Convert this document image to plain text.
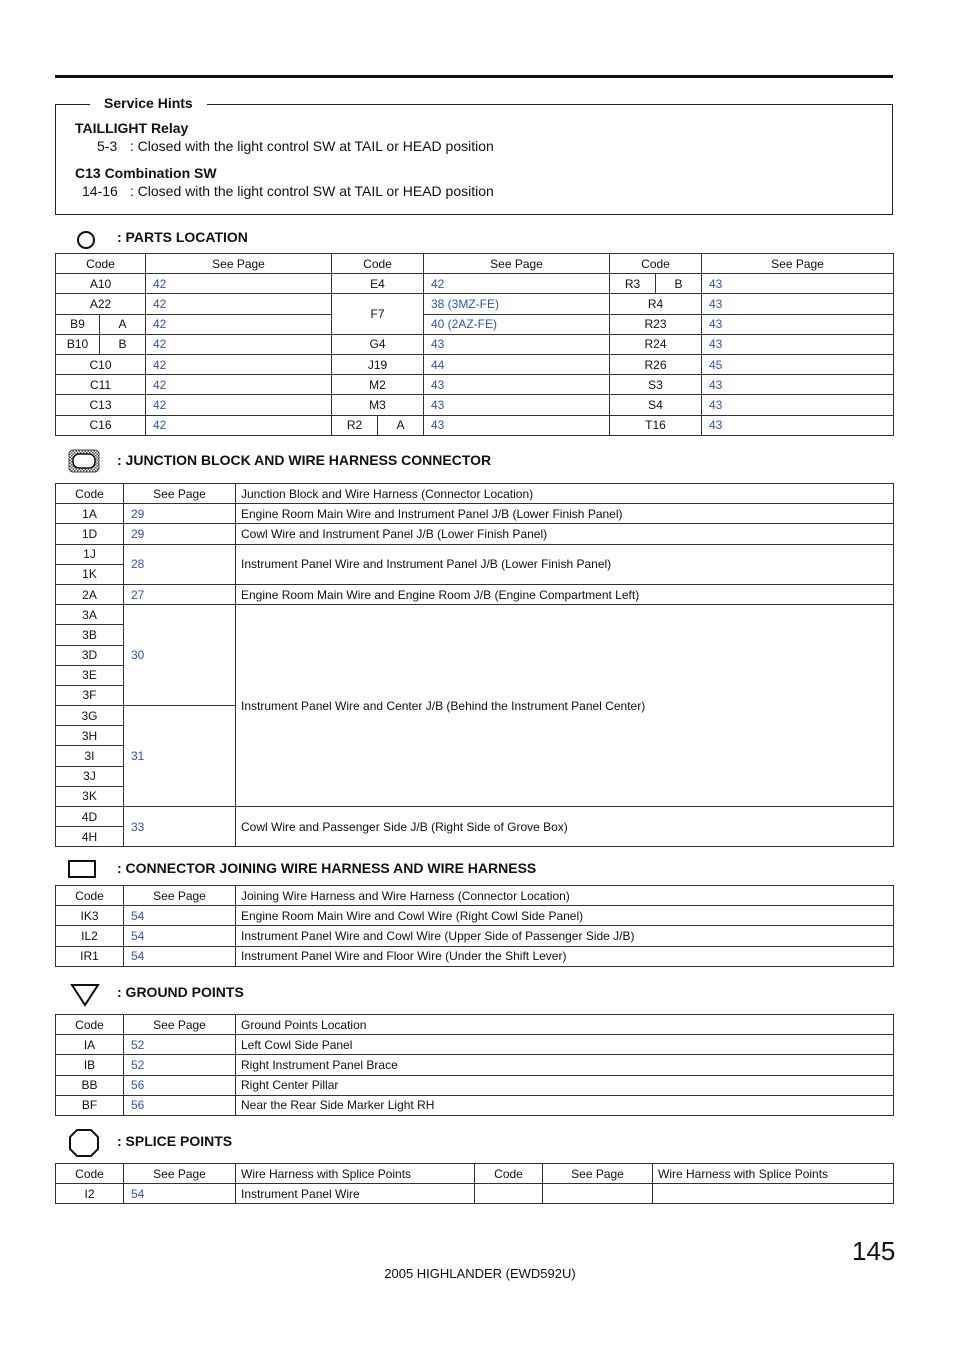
Service Hints
TAILLIGHT Relay
5-3 : Closed with the light control SW at TAIL or HEAD position
C13 Combination SW
14-16 : Closed with the light control SW at TAIL or HEAD position
: PARTS LOCATION
Code		See Page	Code		See Page	Code		See Page
A10		42	E4		42	R3	B	43
A22		42	F7		38 (3MZ-FE)	R4		43
B9	A	42			40 (2AZ-FE)	R23		43
B10	B	42	G4		43	R24		43
C10		42	J19		44	R26		45
C11		42	M2		43	S3		43
C13		42	M3		43	S4		43
C16		42	R2	A	43	T16		43
: JUNCTION BLOCK AND WIRE HARNESS CONNECTOR
Code	See Page	Junction Block and Wire Harness (Connector Location)
1A	29	Engine Room Main Wire and Instrument Panel J/B (Lower Finish Panel)
1D	29	Cowl Wire and Instrument Panel J/B (Lower Finish Panel)
1J	28	Instrument Panel Wire and Instrument Panel J/B (Lower Finish Panel)
1K		
2A	27	Engine Room Main Wire and Engine Room J/B (Engine Compartment Left)
3A	30	Instrument Panel Wire and Center J/B (Behind the Instrument Panel Center)
3B		
3D		
3E		
3F		
3G	31	
3H		
3I		
3J		
3K		
4D	33	Cowl Wire and Passenger Side J/B (Right Side of Grove Box)
4H		
: CONNECTOR JOINING WIRE HARNESS AND WIRE HARNESS
Code	See Page	Joining Wire Harness and Wire Harness (Connector Location)
IK3	54	Engine Room Main Wire and Cowl Wire (Right Cowl Side Panel)
IL2	54	Instrument Panel Wire and Cowl Wire (Upper Side of Passenger Side J/B)
IR1	54	Instrument Panel Wire and Floor Wire (Under the Shift Lever)
: GROUND POINTS
Code	See Page	Ground Points Location
IA	52	Left Cowl Side Panel
IB	52	Right Instrument Panel Brace
BB	56	Right Center Pillar
BF	56	Near the Rear Side Marker Light RH
: SPLICE POINTS
Code	See Page	Wire Harness with Splice Points	Code	See Page	Wire Harness with Splice Points
I2	54	Instrument Panel Wire			
145
2005 HIGHLANDER (EWD592U)
